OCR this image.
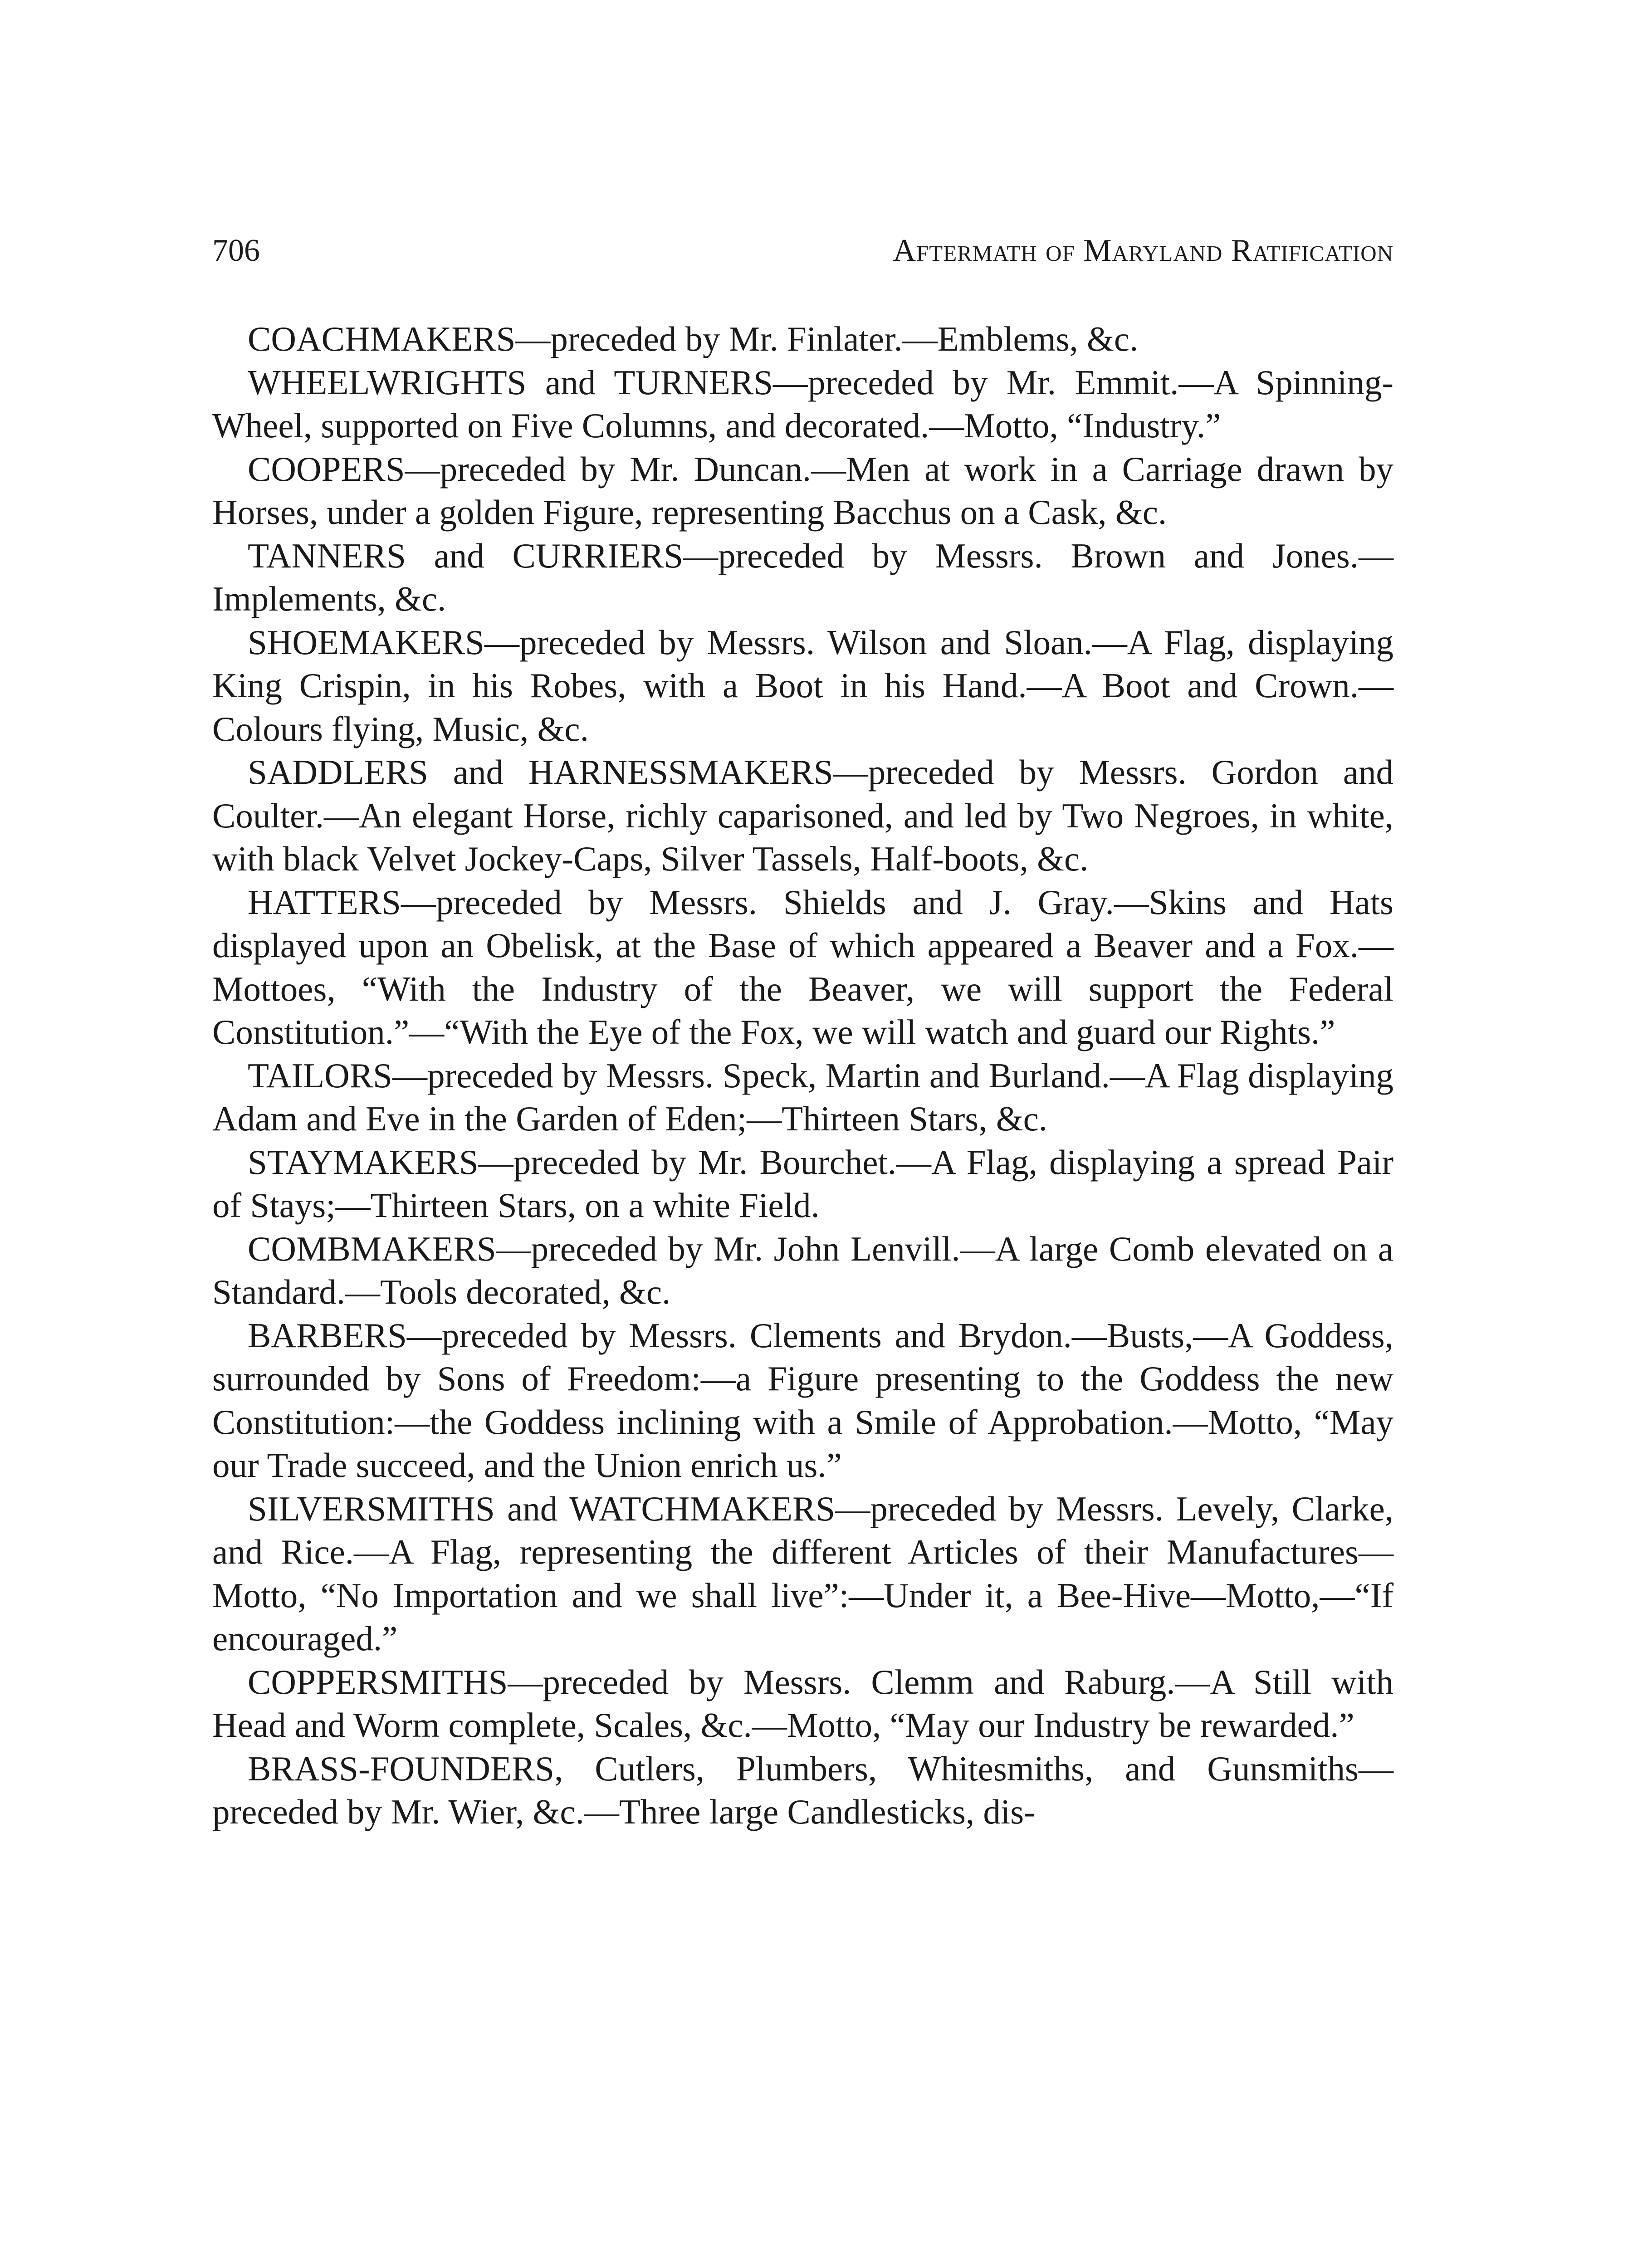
706	Aftermath of Maryland Ratification

COACHMAKERS—preceded by Mr. Finlater.—Emblems, &c.

WHEELWRIGHTS and TURNERS—preceded by Mr. Emmit.—A Spinning-Wheel, supported on Five Columns, and decorated.—Motto, “Industry.”

COOPERS—preceded by Mr. Duncan.—Men at work in a Carriage drawn by Horses, under a golden Figure, representing Bacchus on a Cask, &c.

TANNERS and CURRIERS—preceded by Messrs. Brown and Jones.—Implements, &c.

SHOEMAKERS—preceded by Messrs. Wilson and Sloan.—A Flag, displaying King Crispin, in his Robes, with a Boot in his Hand.—A Boot and Crown.—Colours flying, Music, &c.

SADDLERS and HARNESSMAKERS—preceded by Messrs. Gordon and Coulter.—An elegant Horse, richly caparisoned, and led by Two Negroes, in white, with black Velvet Jockey-Caps, Silver Tassels, Half-boots, &c.

HATTERS—preceded by Messrs. Shields and J. Gray.—Skins and Hats displayed upon an Obelisk, at the Base of which appeared a Beaver and a Fox.—Mottoes, “With the Industry of the Beaver, we will support the Federal Constitution.”—“With the Eye of the Fox, we will watch and guard our Rights.”

TAILORS—preceded by Messrs. Speck, Martin and Burland.—A Flag displaying Adam and Eve in the Garden of Eden;—Thirteen Stars, &c.

STAYMAKERS—preceded by Mr. Bourchet.—A Flag, displaying a spread Pair of Stays;—Thirteen Stars, on a white Field.

COMBMAKERS—preceded by Mr. John Lenvill.—A large Comb elevated on a Standard.—Tools decorated, &c.

BARBERS—preceded by Messrs. Clements and Brydon.—Busts,—A Goddess, surrounded by Sons of Freedom:—a Figure presenting to the Goddess the new Constitution:—the Goddess inclining with a Smile of Approbation.—Motto, “May our Trade succeed, and the Union enrich us.”

SILVERSMITHS and WATCHMAKERS—preceded by Messrs. Levely, Clarke, and Rice.—A Flag, representing the different Articles of their Manufactures—Motto, “No Importation and we shall live”:—Under it, a Bee-Hive—Motto,—“If encouraged.”

COPPERSMITHS—preceded by Messrs. Clemm and Raburg.—A Still with Head and Worm complete, Scales, &c.—Motto, “May our Industry be rewarded.”

BRASS-FOUNDERS, Cutlers, Plumbers, Whitesmiths, and Gunsmiths—preceded by Mr. Wier, &c.—Three large Candlesticks, dis-
